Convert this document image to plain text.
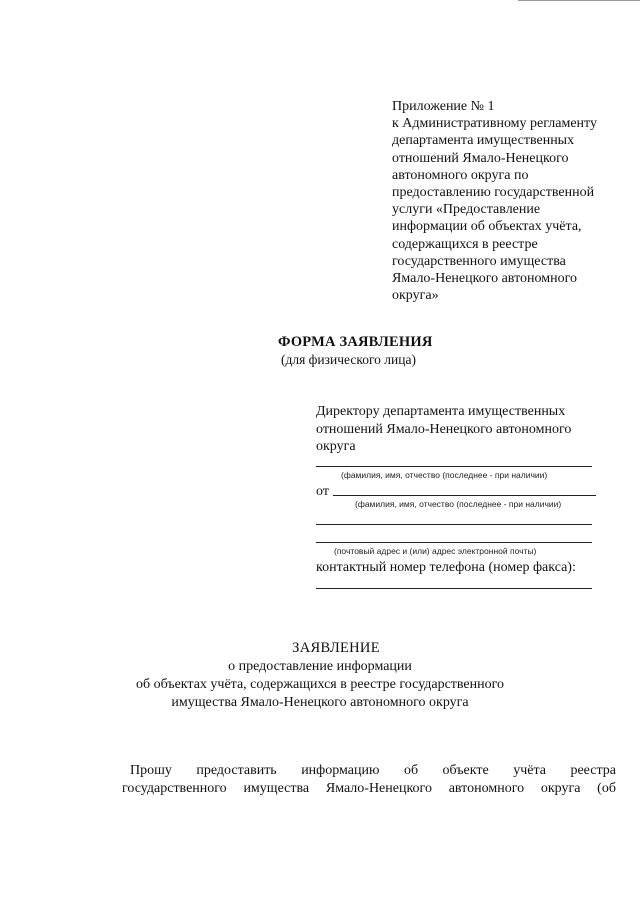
Приложение № 1
к Административному регламенту
департамента имущественных
отношений Ямало-Ненецкого
автономного округа по
предоставлению государственной
услуги «Предоставление
информации об объектах учёта,
содержащихся в реестре
государственного имущества
Ямало-Ненецкого автономного
округа»
ФОРМА ЗАЯВЛЕНИЯ
(для физического лица)
Директору департамента имущественных
отношений Ямало-Ненецкого автономного
округа
(фамилия, имя, отчество (последнее - при наличии)
от
(фамилия, имя, отчество (последнее - при наличии)
(почтовый адрес и (или) адрес электронной почты)
контактный номер телефона (номер факса):
ЗАЯВЛЕНИЕ
о предоставление информации
об объектах учёта, содержащихся в реестре государственного
имущества Ямало-Ненецкого автономного округа
Прошу предоставить информацию об объекте учёта реестра
государственного имущества Ямало-Ненецкого автономного округа (об
